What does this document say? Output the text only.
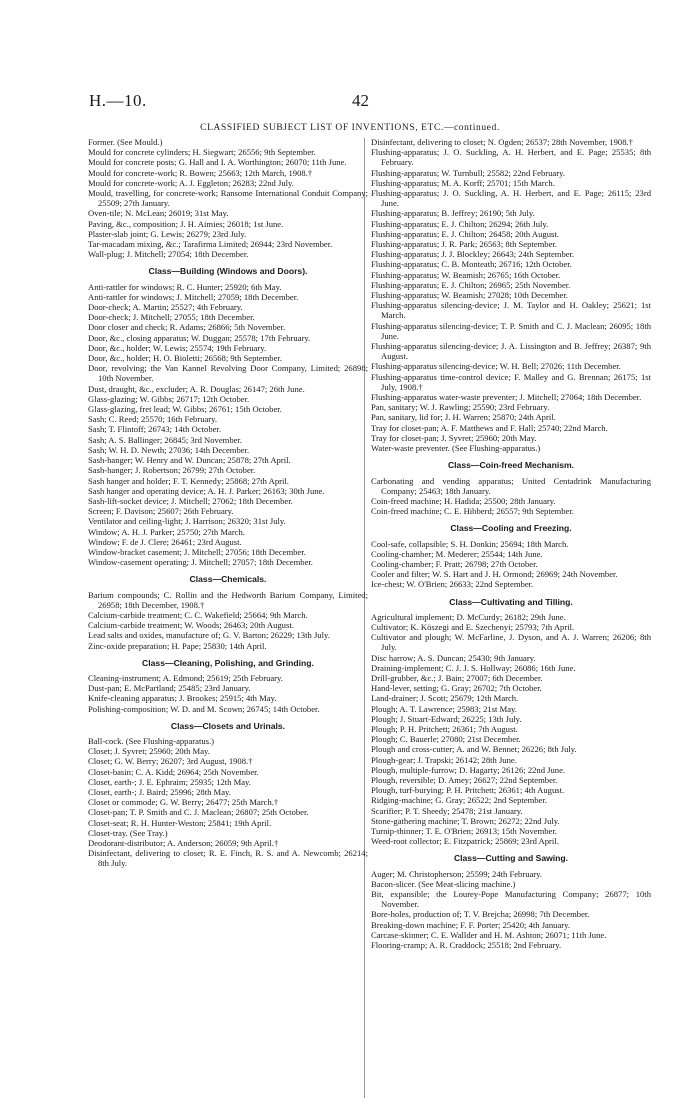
H.—10.	42
CLASSIFIED SUBJECT LIST OF INVENTIONS, ETC.—continued.
Former. (See Mould.)
Mould for concrete cylinders; H. Siegwart; 26556; 9th September.
Mould for concrete posts; G. Hall and I. A. Worthington; 26070; 11th June.
Mould for concrete-work; R. Bowen; 25663; 12th March, 1908.†
Mould for concrete-work; A. J. Eggleton; 26283; 22nd July.
Mould, travelling, for concrete-work; Ransome International Conduit Company; 25509; 27th January.
Oven-tile; N. McLean; 26019; 31st May.
Paving, &c., composition; J. H. Aimies; 26018; 1st June.
Plaster-slab joint; G. Lewis; 26279; 23rd July.
Tar-macadam mixing, &c.; Tarafirma Limited; 26944; 23rd November.
Wall-plug; J. Mitchell; 27054; 18th December.
Class—Building (Windows and Doors).
Anti-rattler for windows; R. C. Hunter; 25920; 6th May.
Anti-rattler for windows; J. Mitchell; 27059; 18th December.
Door-check; A. Martin; 25527; 4th February.
Door-check; J. Mitchell; 27055; 18th December.
Door closer and check; R. Adams; 26866; 5th November.
Door, &c., closing apparatus; W. Duggan; 25578; 17th February.
Door, &c., holder; W. Lewis; 25574; 19th February.
Door, &c., holder; H. O. Bioletti; 26568; 9th September.
Door, revolving; the Van Kannel Revolving Door Company, Limited; 26898; 10th November.
Dust, draught, &c., excluder; A. R. Douglas; 26147; 26th June.
Glass-glazing; W. Gibbs; 26717; 12th October.
Glass-glazing, fret lead; W. Gibbs; 26761; 15th October.
Sash; C. Reed; 25570; 16th February.
Sash; T. Flintoff; 26743; 14th October.
Sash; A. S. Ballinger; 26845; 3rd November.
Sash; W. H. D. Newth; 27036; 14th December.
Sash-hanger; W. Henry and W. Duncan; 25878; 27th April.
Sash-hanger; J. Robertson; 26799; 27th October.
Sash hanger and holder; F. T. Kennedy; 25868; 27th April.
Sash hanger and operating device; A. H. J. Parker; 26163; 30th June.
Sash-lift-socket device; J. Mitchell; 27062; 18th December.
Screen; F. Davison; 25607; 26th February.
Ventilator and ceiling-light; J. Harrison; 26320; 31st July.
Window; A. H. J. Parker; 25750; 27th March.
Window; F. de J. Clere; 26461; 23rd August.
Window-bracket casement; J. Mitchell; 27056; 18th December.
Window-casement operating; J. Mitchell; 27057; 18th December.
Class—Chemicals.
Barium compounds; C. Rollin and the Hedworth Barium Company, Limited; 26958; 18th December, 1908.†
Calcium-carbide treatment; C. C. Wakefield; 25664; 9th March.
Calcium-carbide treatment; W. Woods; 26463; 20th August.
Lead salts and oxides, manufacture of; G. V. Barton; 26229; 13th July.
Zinc-oxide preparation; H. Pape; 25830; 14th April.
Class—Cleaning, Polishing, and Grinding.
Cleaning-instrument; A. Edmond; 25619; 25th February.
Dust-pan; E. McPartland; 25485; 23rd January.
Knife-cleaning apparatus; J. Brookes; 25915; 4th May.
Polishing-composition; W. D. and M. Scown; 26745; 14th October.
Class—Closets and Urinals.
Ball-cock. (See Flushing-apparatus.)
Closet; J. Syvret; 25960; 20th May.
Closet; G. W. Berry; 26207; 3rd August, 1908.†
Closet-basin; C. A. Kidd; 26964; 25th November.
Closet, earth-; J. E. Ephraim; 25935; 12th May.
Closet, earth-; J. Baird; 25996; 28th May.
Closet or commode; G. W. Berry; 26477; 25th March.†
Closet-pan; T. P. Smith and C. J. Maclean; 26807; 25th October.
Closet-seat; R. H. Hunter-Weston; 25841; 19th April.
Closet-tray. (See Tray.)
Deodorant-distributor; A. Anderson; 26059; 9th April.†
Disinfectant, delivering to closet; R. E. Finch, R. S. and A. Newcomb; 26214; 8th July.
Disinfectant, delivering to closet; N. Ogden; 26537; 28th November, 1908.†
Flushing-apparatus; J. O. Suckling, A. H. Herbert, and E. Page; 25535; 8th February.
Flushing-apparatus; W. Turnbull; 25582; 22nd February.
Flushing-apparatus; M. A. Korff; 25701; 15th March.
Flushing-apparatus; J. O. Suckling, A. H. Herbert, and E. Page; 26115; 23rd June.
Flushing-apparatus; B. Jeffrey; 26190; 5th July.
Flushing-apparatus; E. J. Chilton; 26294; 26th July.
Flushing-apparatus; E. J. Chilton; 26458; 20th August.
Flushing-apparatus; J. R. Park; 26563; 8th September.
Flushing-apparatus; J. J. Blockley; 26643; 24th September.
Flushing-apparatus; C. B. Monteath; 26716; 12th October.
Flushing-apparatus; W. Beamish; 26765; 16th October.
Flushing-apparatus; E. J. Chilton; 26965; 25th November.
Flushing-apparatus; W. Beamish; 27028; 10th December.
Flushing-apparatus silencing-device; J. M. Taylor and H. Oakley; 25621; 1st March.
Flushing-apparatus silencing-device; T. P. Smith and C. J. Maclean; 26095; 18th June.
Flushing-apparatus silencing-device; J. A. Lissington and B. Jeffrey; 26387; 9th August.
Flushing-apparatus silencing-device; W. H. Bell; 27026; 11th December.
Flushing-apparatus time-control device; F. Malley and G. Brennan; 26175; 1st July, 1908.†
Flushing-apparatus water-waste preventer; J. Mitchell; 27064; 18th December.
Pan, sanitary; W. J. Rawling; 25590; 23rd February.
Pan, sanitary, lid for; J. H. Warren; 25870; 24th April.
Tray for closet-pan; A. F. Matthews and F. Hall; 25740; 22nd March.
Tray for closet-pan; J. Syvret; 25960; 20th May.
Water-waste preventer. (See Flushing-apparatus.)
Class—Coin-freed Mechanism.
Carbonating and vending apparatus; United Centadrink Manufacturing Company; 25463; 18th January.
Coin-freed machine; H. Hadida; 25500; 28th January.
Coin-freed machine; C. E. Hibberd; 26557; 9th September.
Class—Cooling and Freezing.
Cool-safe, collapsible; S. H. Donkin; 25694; 18th March.
Cooling-chamber; M. Mederer; 25544; 14th June.
Cooling-chamber; F. Pratt; 26798; 27th October.
Cooler and filter; W. S. Hart and J. H. Ormond; 26969; 24th November.
Ice-chest; W. O'Brien; 26633; 22nd September.
Class—Cultivating and Tilling.
Agricultural implement; D. McCurdy; 26182; 29th June.
Cultivator; K. Köszegi and E. Szechenyi; 25793; 7th April.
Cultivator and plough; W. McFarline, J. Dyson, and A. J. Warren; 26206; 8th July.
Disc harrow; A. S. Duncan; 25430; 9th January.
Draining-implement; C. J. J. S. Hollway; 26086; 16th June.
Drill-grubber, &c.; J. Bain; 27007; 6th December.
Hand-lever, setting; G. Gray; 26702; 7th October.
Land-drainer; J. Scott; 25679; 12th March.
Plough; A. T. Lawrence; 25983; 21st May.
Plough; J. Stuart-Edward; 26225; 13th July.
Plough; P. H. Pritchett; 26361; 7th August.
Plough; C. Bauerle; 27080; 21st December.
Plough and cross-cutter; A. and W. Bennet; 26226; 8th July.
Plough-gear; J. Trapski; 26142; 28th June.
Plough, multiple-furrow; D. Hagarty; 26126; 22nd June.
Plough, reversible; D. Amey; 26627; 22nd September.
Plough, turf-burying; P. H. Pritchett; 26361; 4th August.
Ridging-machine; G. Gray; 26522; 2nd September.
Scarifier; P. T. Sheedy; 25478; 21st January.
Stone-gathering machine; T. Brown; 26272; 22nd July.
Turnip-thinner; T. E. O'Brien; 26913; 15th November.
Weed-root collector; E. Fitzpatrick; 25869; 23rd April.
Class—Cutting and Sawing.
Auger; M. Christopherson; 25599; 24th February.
Bacon-slicer. (See Meat-slicing machine.)
Bit, expansible; the Lourey-Pope Manufacturing Company; 26877; 10th November.
Bore-holes, production of; T. V. Brejcha; 26998; 7th December.
Breaking-down machine; F. F. Porter; 25420; 4th January.
Carcase-skinner; C. E. Wallder and H. M. Ashton; 26071; 11th June.
Flooring-cramp; A. R. Craddock; 25518; 2nd February.
